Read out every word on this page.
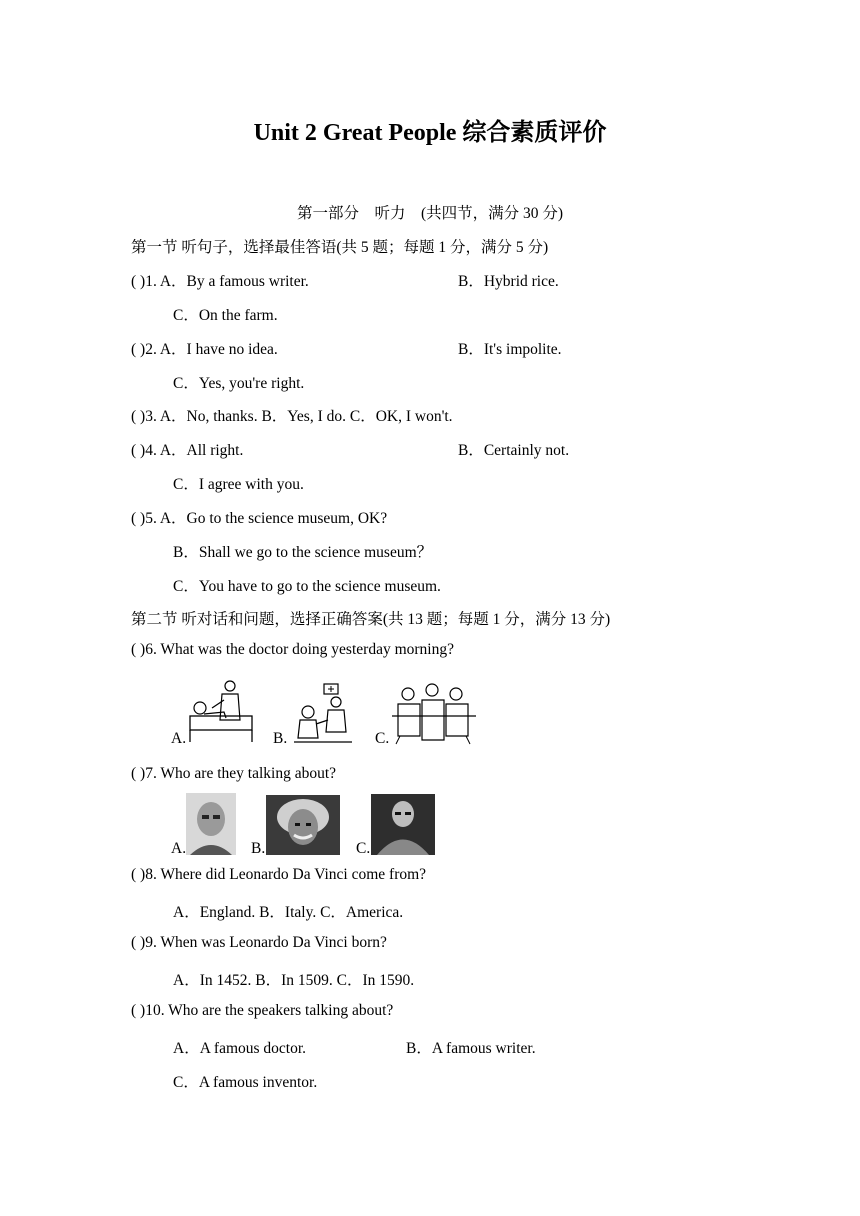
Unit 2 Great People 综合素质评价
第一部分　听力　(共四节，满分 30 分)
第一节 听句子，选择最佳答语(共 5 题；每题 1 分，满分 5 分)
( )1. A．By a famous writer.	B．Hybrid rice.
C．On the farm.
( )2. A．I have no idea.	B．It's impolite.
C．Yes, you're right.
( )3. A．No, thanks. B．Yes, I do. C．OK, I won't.
( )4. A．All right.	B．Certainly not.
C．I agree with you.
( )5. A．Go to the science museum, OK?
B．Shall we go to the science museum？
C．You have to go to the science museum.
第二节 听对话和问题，选择正确答案(共 13 题；每题 1 分，满分 13 分)
( )6. What was the doctor doing yesterday morning?
A.	B.	C.
( )7. Who are they talking about?
A.	B.	C.
( )8. Where did Leonardo Da Vinci come from?
A．England. B．Italy. C．America.
( )9. When was Leonardo Da Vinci born?
A．In 1452. B．In 1509. C．In 1590.
( )10. Who are the speakers talking about?
A．A famous doctor.	B．A famous writer.
C．A famous inventor.
